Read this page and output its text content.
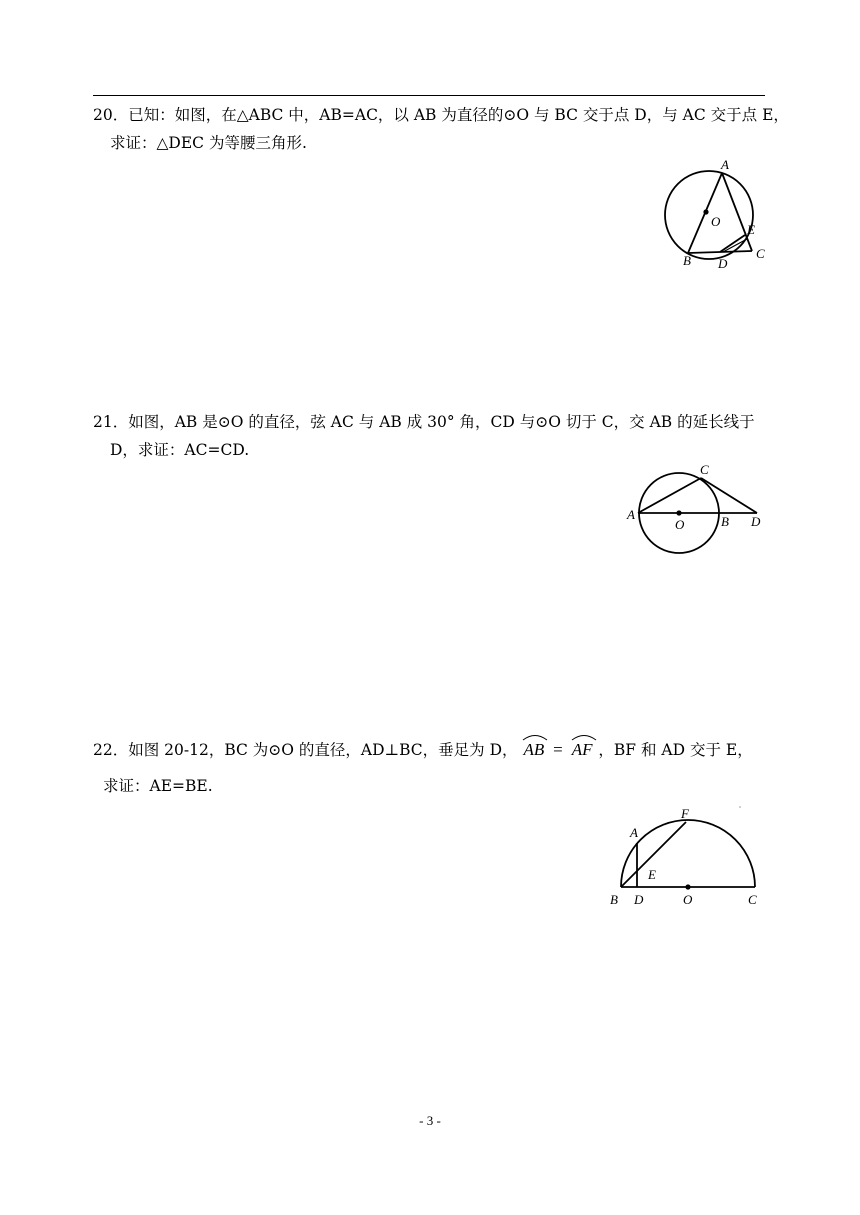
20．已知：如图，在△ABC 中，AB=AC，以 AB 为直径的⊙O 与 BC 交于点 D，与 AC 交于点 E，
求证：△DEC 为等腰三角形.
A
O
E
B D
C
21．如图，AB 是⊙O 的直径，弦 AC 与 AB 成 30° 角，CD 与⊙O 切于 C，交 AB 的延长线于
D，求证：AC=CD.
A
O	B
C
D
22．如图 20-12，BC 为⊙O 的直径，AD⊥BC，垂足为 D， AB = AF ，BF 和 AD 交于 E，
求证：AE=BE.
F
A
E
B D	O	C
- 3 -
